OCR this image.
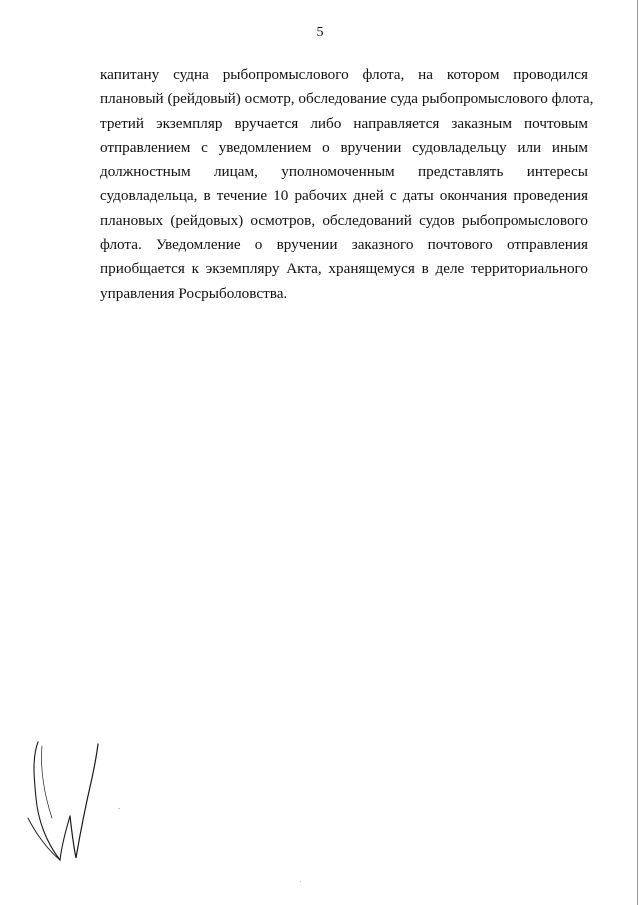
5

капитану судна рыбопромыслового флота, на котором проводился
плановый (рейдовый) осмотр, обследование суда рыбопромыслового флота,
третий экземпляр вручается либо направляется заказным почтовым
отправлением с уведомлением о вручении судовладельцу или иным
должностным лицам, уполномоченным представлять интересы
судовладельца, в течение 10 рабочих дней с даты окончания проведения
плановых (рейдовых) осмотров, обследований судов рыбопромыслового
флота. Уведомление о вручении заказного почтового отправления
приобщается к экземпляру Акта, хранящемуся в деле территориального
управления Росрыболовства.
